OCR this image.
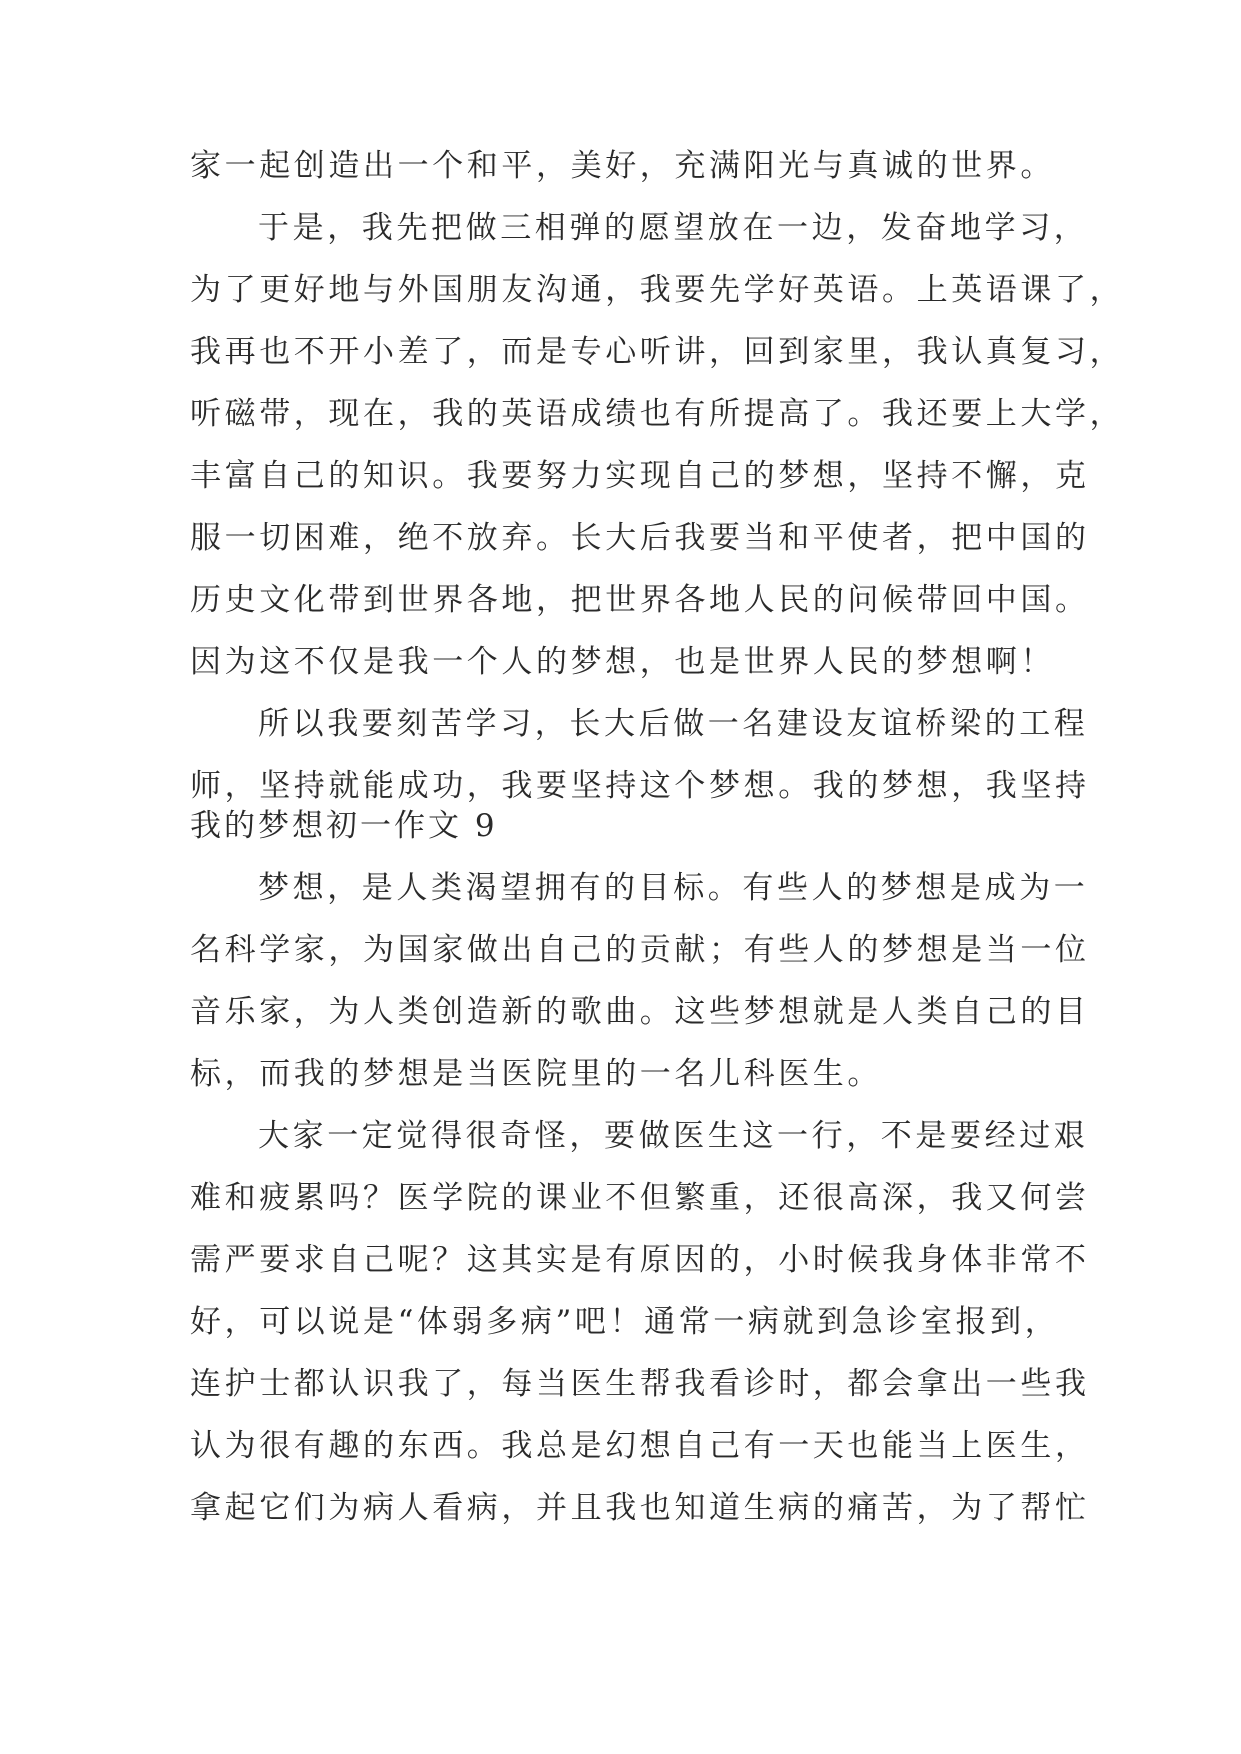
家一起创造出一个和平，美好，充满阳光与真诚的世界。
于是，我先把做三相弹的愿望放在一边，发奋地学习，
为了更好地与外国朋友沟通，我要先学好英语。上英语课了，
我再也不开小差了，而是专心听讲，回到家里，我认真复习，
听磁带，现在，我的英语成绩也有所提高了。我还要上大学，
丰富自己的知识。我要努力实现自己的梦想，坚持不懈，克
服一切困难，绝不放弃。长大后我要当和平使者，把中国的
历史文化带到世界各地，把世界各地人民的问候带回中国。
因为这不仅是我一个人的梦想，也是世界人民的梦想啊！
所以我要刻苦学习，长大后做一名建设友谊桥梁的工程
师，坚持就能成功，我要坚持这个梦想。我的梦想，我坚持
我的梦想初一作文 9
梦想，是人类渴望拥有的目标。有些人的梦想是成为一
名科学家，为国家做出自己的贡献；有些人的梦想是当一位
音乐家，为人类创造新的歌曲。这些梦想就是人类自己的目
标，而我的梦想是当医院里的一名儿科医生。
大家一定觉得很奇怪，要做医生这一行，不是要经过艰
难和疲累吗？医学院的课业不但繁重，还很高深，我又何尝
需严要求自己呢？这其实是有原因的，小时候我身体非常不
好，可以说是“体弱多病”吧！通常一病就到急诊室报到，
连护士都认识我了，每当医生帮我看诊时，都会拿出一些我
认为很有趣的东西。我总是幻想自己有一天也能当上医生，
拿起它们为病人看病，并且我也知道生病的痛苦，为了帮忙
